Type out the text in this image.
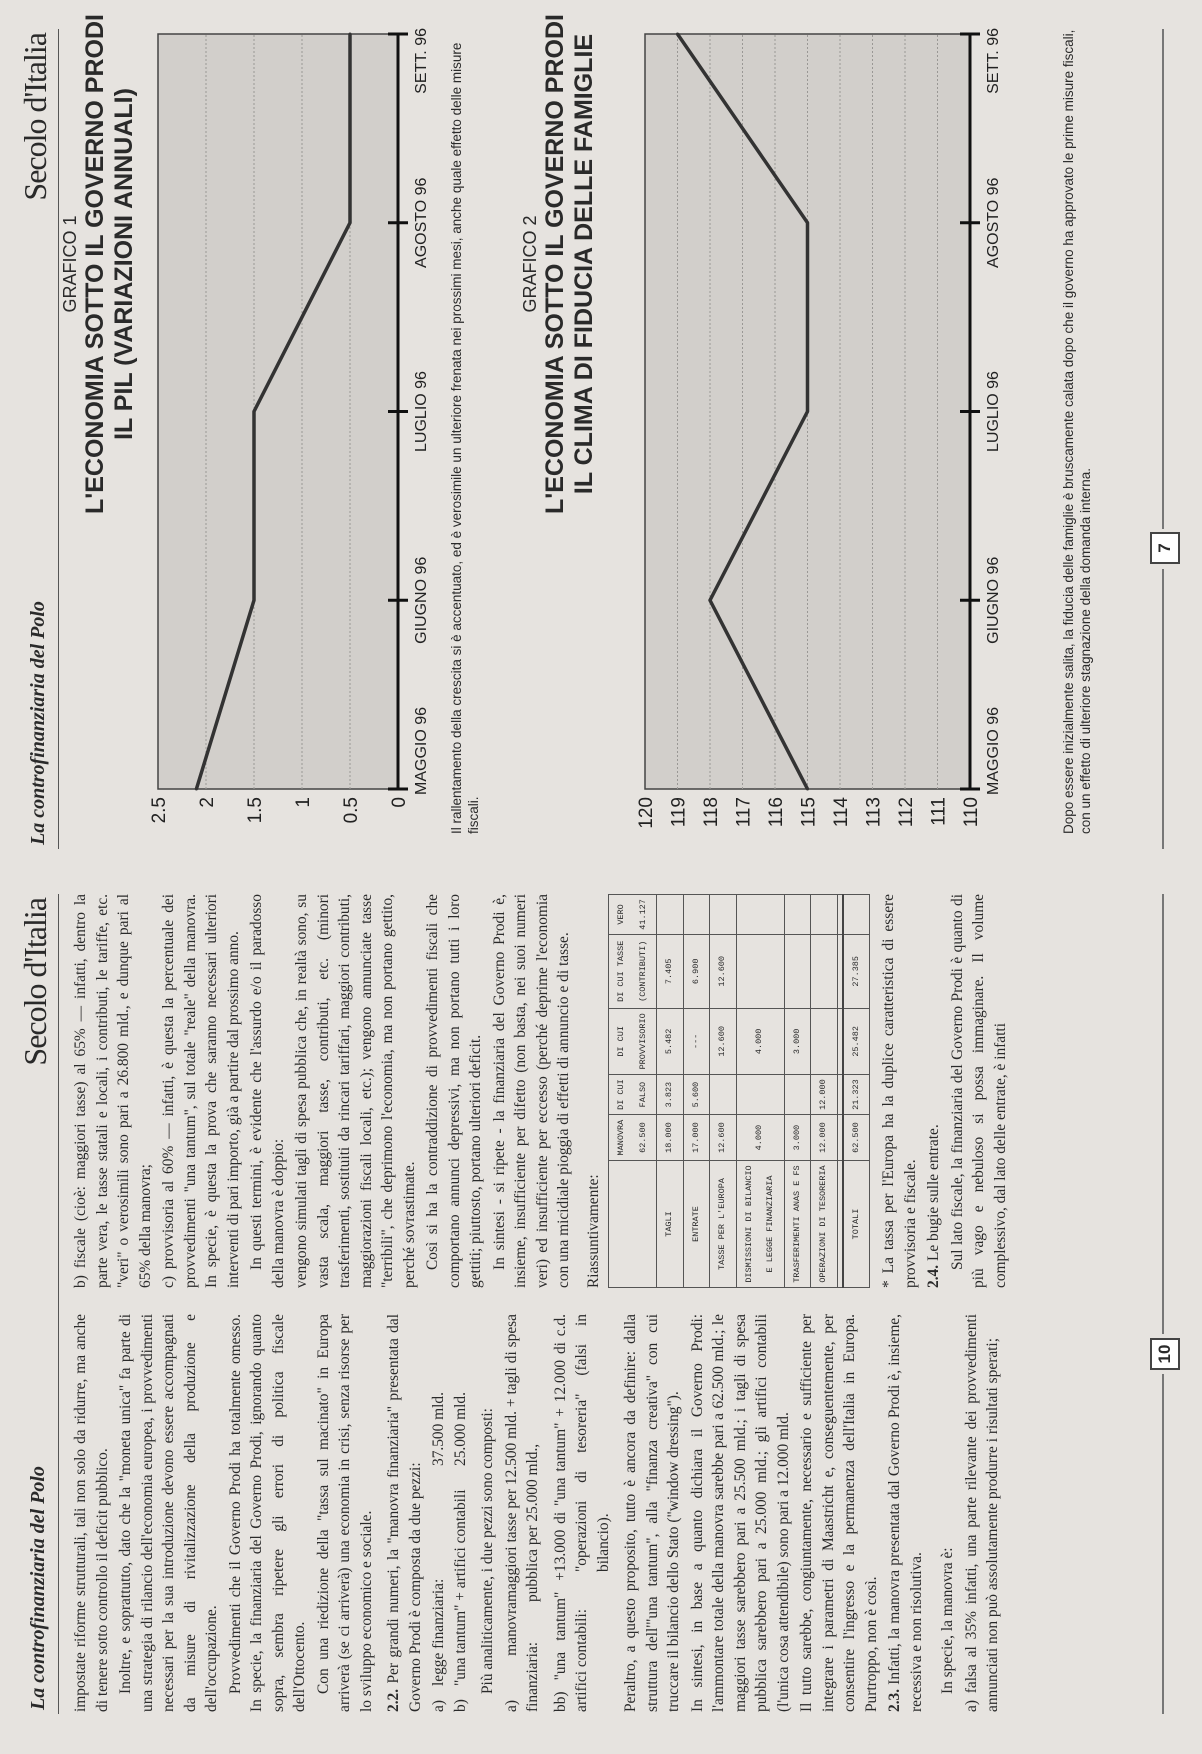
La controfinanziaria del Polo
Secolo d'Italia
La controfinanziaria del Polo
Secolo d'Italia

impostate riforme strutturali, tali non solo da ridurre, ma anche di tenere sotto controllo il deficit pubblico. Inoltre, e soprattutto, dato che la "moneta unica" fa parte di una strategia di rilancio dell'economia europea, i provvedimenti necessari per la sua introduzione devono essere accompagnati da misure di rivitalizzazione della produzione e dell'occupazione. Provvedimenti che il Governo Prodi ha totalmente omesso. In specie, la finanziaria del Governo Prodi, ignorando quanto sopra, sembra ripetere gli errori di politica fiscale dell'Ottocento. Con una riedizione della "tassa sul macinato" in Europa arriverà (se ci arriverà) una economia in crisi, senza risorse per lo sviluppo economico e sociale. 2.2. Per grandi numeri, la "manovra finanziaria" presentata dal Governo Prodi è composta da due pezzi: a)
legge finanziaria:
37.500 mld.
b)
"una tantum" + artifici contabili
25.000 mld. Più analiticamente, i due pezzi sono composti: a) manovra finanziaria:
maggiori tasse per 12.500 mld. + tagli di spesa pubblica per 25.000 mld.,
bb) "una tantum" + artifici contabili:
13.000 di "una tantum" + 12.000 di c.d. "operazioni di tesoreria" (falsi in bilancio). Peraltro, a questo proposito, tutto è ancora da definire: dalla struttura dell'"una tantum", alla "finanza creativa" con cui truccare il bilancio dello Stato ("window dressing"). In sintesi, in base a quanto dichiara il Governo Prodi: l'ammontare totale della manovra sarebbe pari a 62.500 mld.; le maggiori tasse sarebbero pari a 25.500 mld.; i tagli di spesa pubblica sarebbero pari a 25.000 mld.; gli artifici contabili (l'unica cosa attendibile) sono pari a 12.000 mld. Il tutto sarebbe, congiuntamente, necessario e sufficiente per integrare i parametri di Maastricht e, conseguentemente, per consentire l'ingresso e la permanenza dell'Italia in Europa. Purtroppo, non è così. 2.3. Infatti, la manovra presentata dal Governo Prodi è, insieme, recessiva e non risolutiva. In specie, la manovra è: a) falsa al 35% infatti, una parte rilevante dei provvedimenti annunciati non può assolutamente produrre i risultati sperati;

b) fiscale (cioè: maggiori tasse) al 65% — infatti, dentro la parte vera, le tasse statali e locali, i contributi, le tariffe, etc. "veri" o verosimili sono pari a 26.800 mld., e dunque pari al 65% della manovra; c) provvisoria al 60% — infatti, è questa la percentuale dei provvedimenti "una tantum", sul totale "reale" della manovra. In specie, è questa la prova che saranno necessari ulteriori interventi di pari importo, già a partire dal prossimo anno. In questi termini, è evidente che l'assurdo e/o il paradosso della manovra è doppio: vengono simulati tagli di spesa pubblica che, in realtà sono, su vasta scala, maggiori tasse, contributi, etc. (minori trasferimenti, sostituiti da rincari tariffari, maggiori contributi, maggiorazioni fiscali locali, etc.); vengono annunciate tasse "terribili", che deprimono l'economia, ma non portano gettito, perché sovrastimate. Così si ha la contraddizione di provvedimenti fiscali che comportano annunci depressivi, ma non portano tutti i loro gettiti; piuttosto, portano ulteriori deficit. In sintesi - si ripete - la finanziaria del Governo Prodi è, insieme, insufficiente per difetto (non basta, nei suoi numeri veri) ed insufficiente per eccesso (perché deprime l'economia con una micidiale pioggia di effetti di annuncio e di tasse. Riassuntivamente:

	MANOVRA 62.500	DI CUI FALSO	DI CUI PROVVISORIO	DI CUI TASSE (CONTRIBUTI)	VERO 41.127
TAGLI	18.000	3.823	5.482	7.405	
ENTRATE	17.000	5.600	---	6.900	
TASSE PER L'EUROPA	12.600		12.600	12.600	
DISMISSIONI DI BILANCIO E LEGGE FINANZIARIA	4.000		4.000		
TRASFERIMENTI ANAS E FS	3.000		3.000		
OPERAZIONI DI TESORERIA	12.000	12.000			

TOTALI	62.500	21.323	25.482	27.385	* La tassa per l'Europa ha la duplice caratteristica di essere provvisoria e fiscale. 2.4. Le bugie sulle entrate. Sul lato fiscale, la finanziaria del Governo Prodi è quanto di più vago e nebuloso si possa immaginare. Il volume complessivo, dal lato delle entrate, è infatti

10
GRAFICO 1 L'ECONOMIA SOTTO IL GOVERNO PRODI IL PIL (VARIAZIONI ANNUALI)
0
0.5
1
1.5
2
2.5
MAGGIO 96
GIUGNO 96
LUGLIO 96
AGOSTO 96
SETT. 96 Il rallentamento della crescita si è accentuato, ed è verosimile un ulteriore frenata nei prossimi mesi, anche quale effetto delle misure fiscali.
GRAFICO 2 L'ECONOMIA SOTTO IL GOVERNO PRODI IL CLIMA DI FIDUCIA DELLE FAMIGLIE
110
111
112
113
114
115
116
117
118
119
120
MAGGIO 96
GIUGNO 96
LUGLIO 96
AGOSTO 96
SETT. 96	Dopo essere inizialmente salita, la fiducia delle famiglie è bruscamente calata dopo che il governo ha approvato le prime misure fiscali, con un effetto di ulteriore stagnazione della domanda interna.	7
